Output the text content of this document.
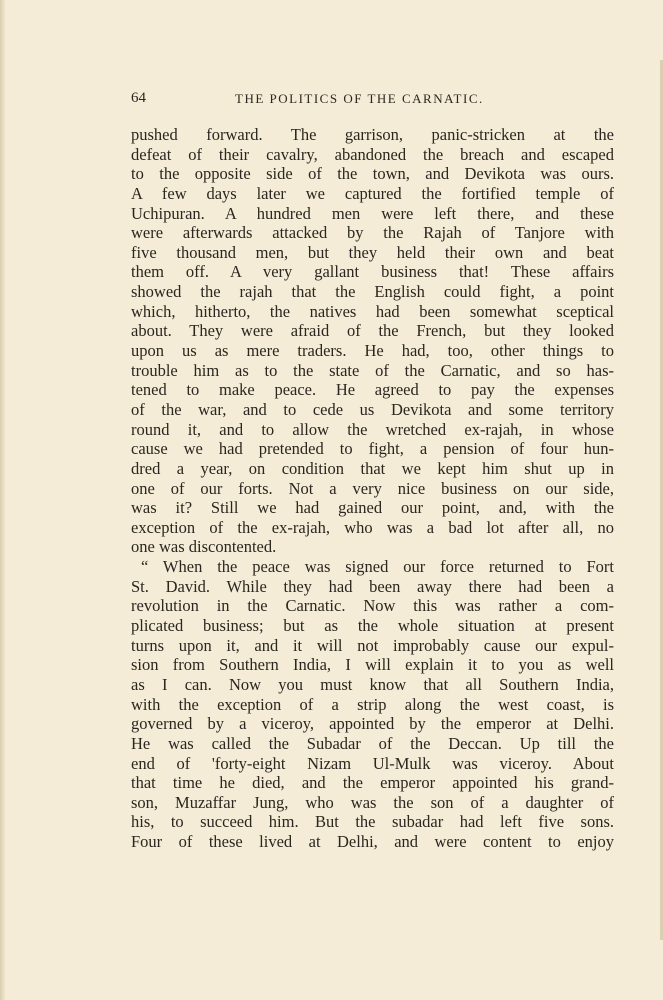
64	THE POLITICS OF THE CARNATIC.
pushed forward. The garrison, panic-stricken at the
defeat of their cavalry, abandoned the breach and escaped
to the opposite side of the town, and Devikota was ours.
A few days later we captured the fortified temple of
Uchipuran. A hundred men were left there, and these
were afterwards attacked by the Rajah of Tanjore with
five thousand men, but they held their own and beat
them off. A very gallant business that! These affairs
showed the rajah that the English could fight, a point
which, hitherto, the natives had been somewhat sceptical
about. They were afraid of the French, but they looked
upon us as mere traders. He had, too, other things to
trouble him as to the state of the Carnatic, and so has-
tened to make peace. He agreed to pay the expenses
of the war, and to cede us Devikota and some territory
round it, and to allow the wretched ex-rajah, in whose
cause we had pretended to fight, a pension of four hun-
dred a year, on condition that we kept him shut up in
one of our forts. Not a very nice business on our side,
was it? Still we had gained our point, and, with the
exception of the ex-rajah, who was a bad lot after all, no
one was discontented.
“ When the peace was signed our force returned to Fort
St. David. While they had been away there had been a
revolution in the Carnatic. Now this was rather a com-
plicated business; but as the whole situation at present
turns upon it, and it will not improbably cause our expul-
sion from Southern India, I will explain it to you as well
as I can. Now you must know that all Southern India,
with the exception of a strip along the west coast, is
governed by a viceroy, appointed by the emperor at Delhi.
He was called the Subadar of the Deccan. Up till the
end of 'forty-eight Nizam Ul-Mulk was viceroy. About
that time he died, and the emperor appointed his grand-
son, Muzaffar Jung, who was the son of a daughter of
his, to succeed him. But the subadar had left five sons.
Four of these lived at Delhi, and were content to enjoy
